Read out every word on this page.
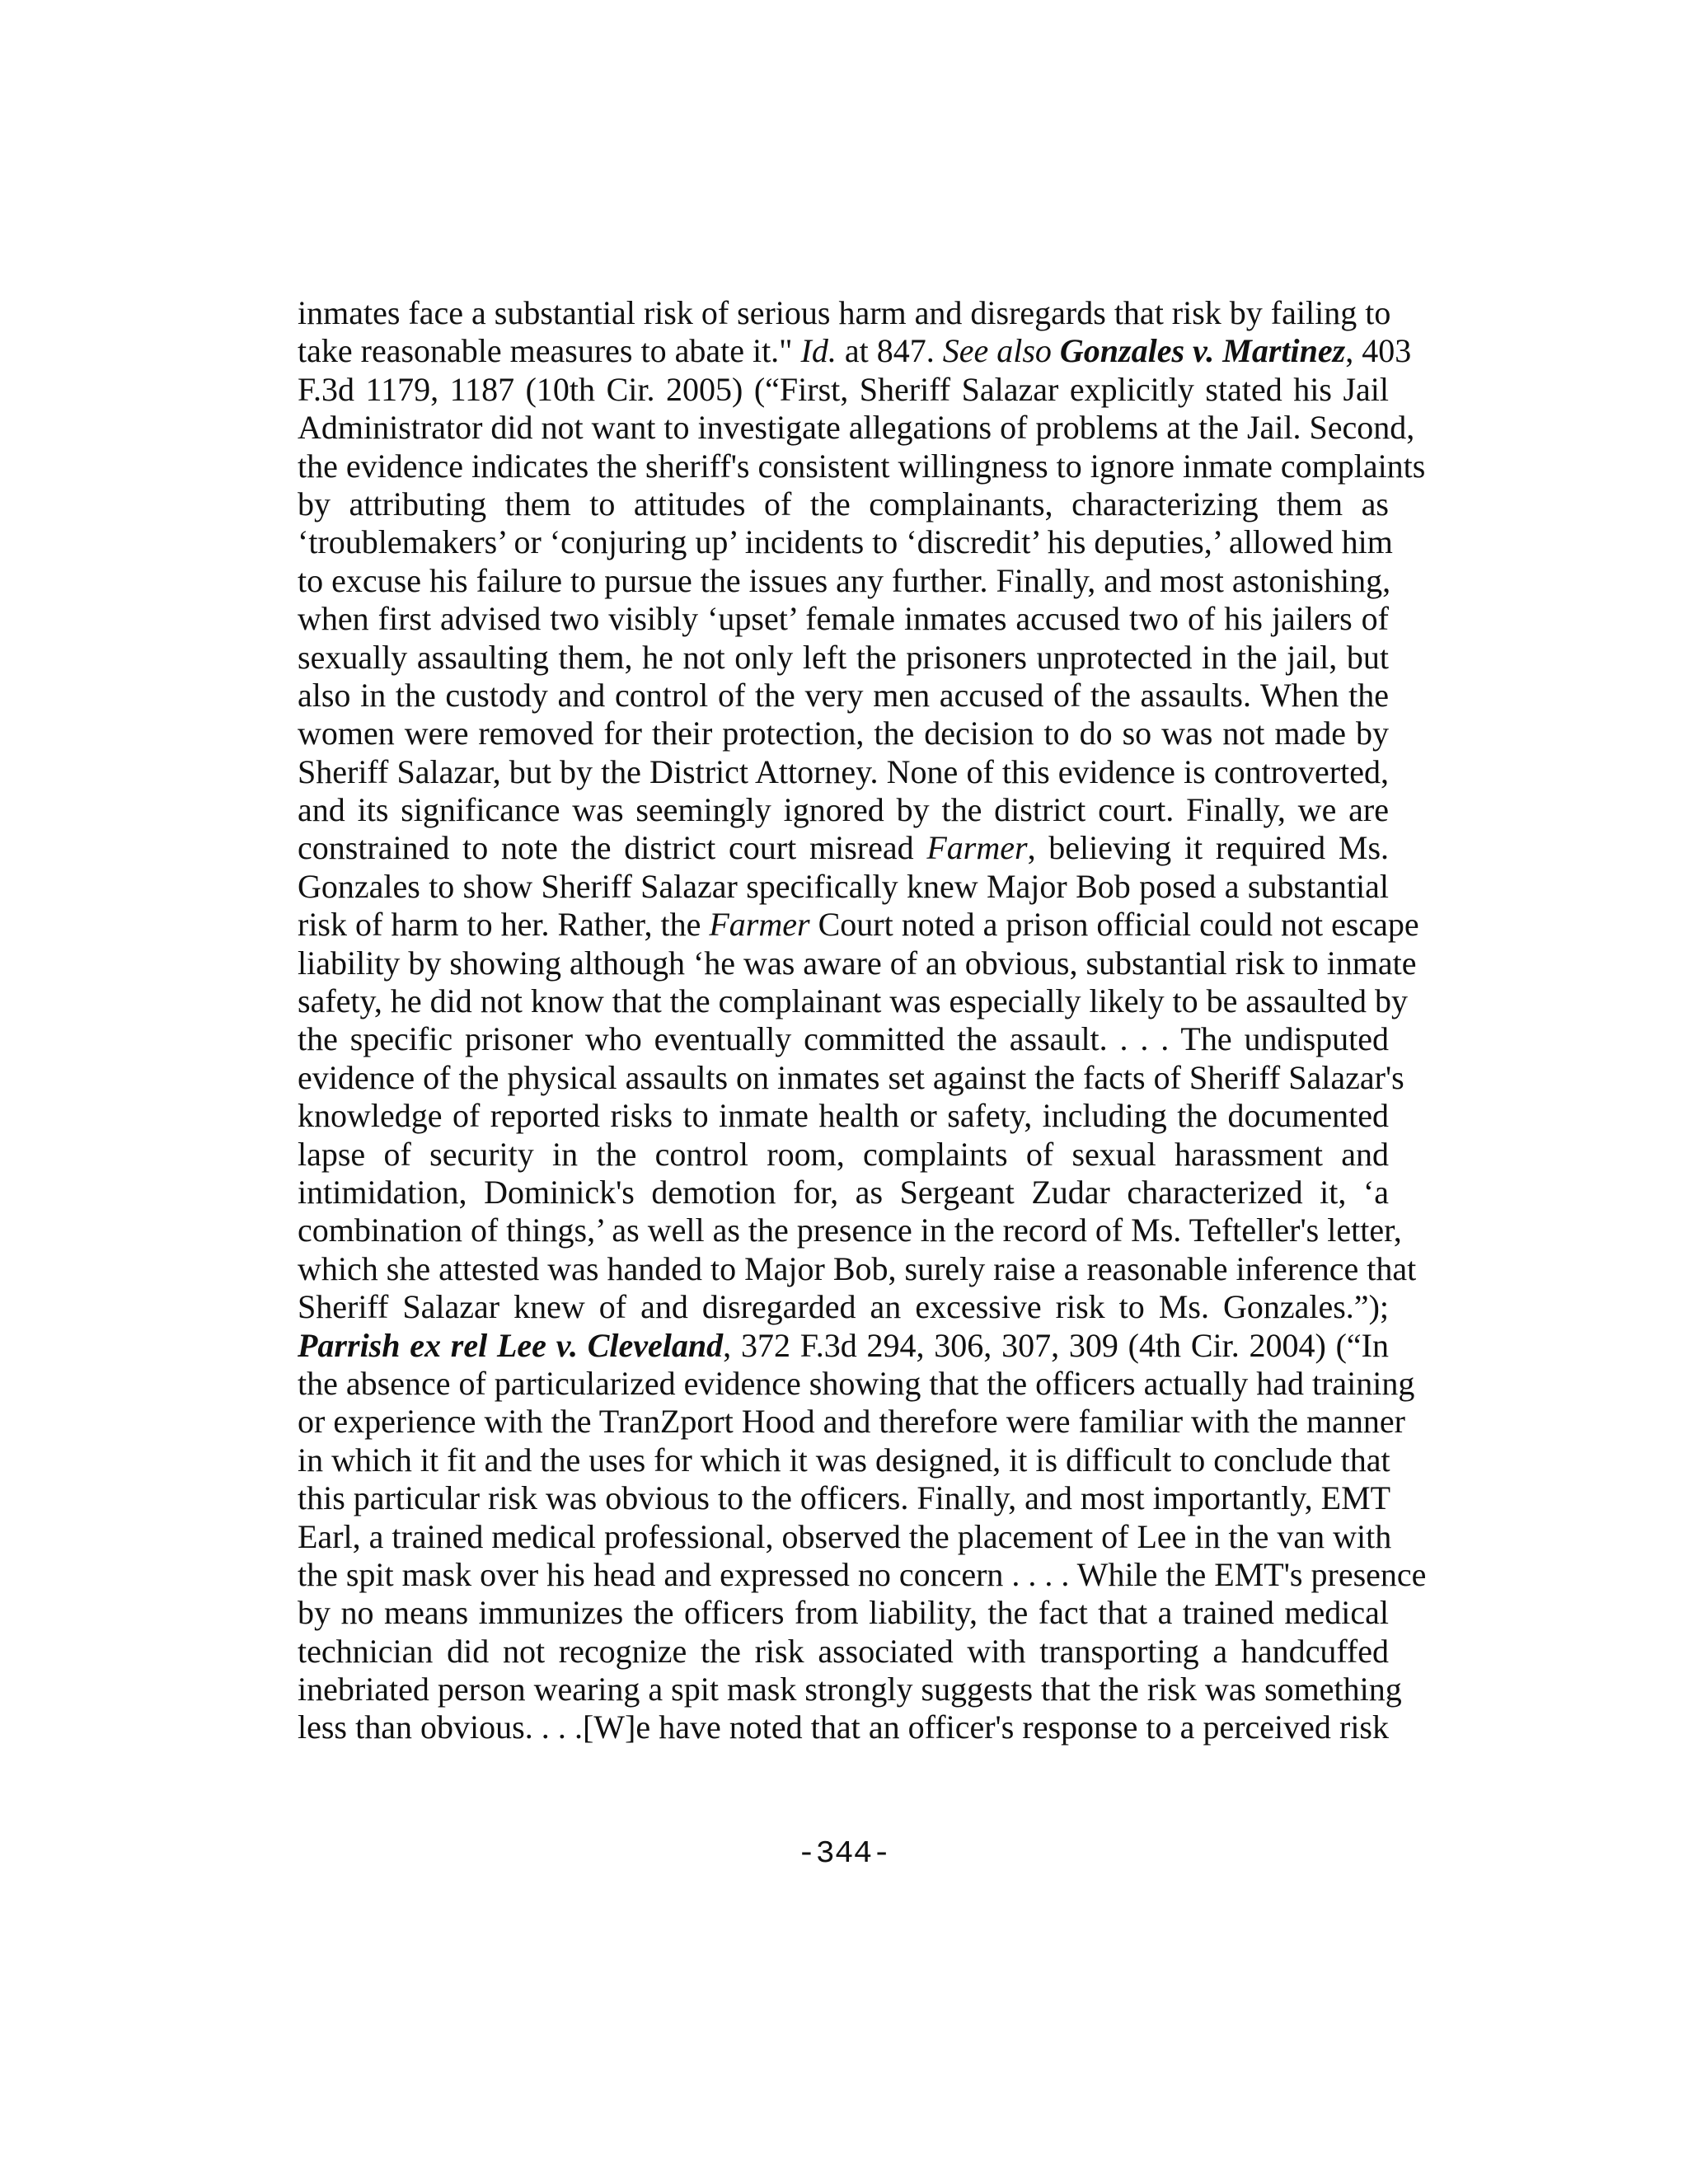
inmates face a substantial risk of serious harm and disregards that risk by failing to
take reasonable measures to abate it." Id. at 847. See also Gonzales v. Martinez, 403
F.3d 1179, 1187 (10th Cir. 2005) (“First, Sheriff Salazar explicitly stated his Jail
Administrator did not want to investigate allegations of problems at the Jail. Second,
the evidence indicates the sheriff's consistent willingness to ignore inmate complaints
by attributing them to attitudes of the complainants, characterizing them as
‘troublemakers’ or ‘conjuring up’ incidents to ‘discredit’ his deputies,’ allowed him
to excuse his failure to pursue the issues any further. Finally, and most astonishing,
when first advised two visibly ‘upset’ female inmates accused two of his jailers of
sexually assaulting them, he not only left the prisoners unprotected in the jail, but
also in the custody and control of the very men accused of the assaults. When the
women were removed for their protection, the decision to do so was not made by
Sheriff Salazar, but by the District Attorney. None of this evidence is controverted,
and its significance was seemingly ignored by the district court. Finally, we are
constrained to note the district court misread Farmer, believing it required Ms.
Gonzales to show Sheriff Salazar specifically knew Major Bob posed a substantial
risk of harm to her. Rather, the Farmer Court noted a prison official could not escape
liability by showing although ‘he was aware of an obvious, substantial risk to inmate
safety, he did not know that the complainant was especially likely to be assaulted by
the specific prisoner who eventually committed the assault. . . . The undisputed
evidence of the physical assaults on inmates set against the facts of Sheriff Salazar's
knowledge of reported risks to inmate health or safety, including the documented
lapse of security in the control room, complaints of sexual harassment and
intimidation, Dominick's demotion for, as Sergeant Zudar characterized it, ‘a
combination of things,’ as well as the presence in the record of Ms. Tefteller's letter,
which she attested was handed to Major Bob, surely raise a reasonable inference that
Sheriff Salazar knew of and disregarded an excessive risk to Ms. Gonzales.”);
Parrish ex rel Lee v. Cleveland, 372 F.3d 294, 306, 307, 309 (4th Cir. 2004) (“In
the absence of particularized evidence showing that the officers actually had training
or experience with the TranZport Hood and therefore were familiar with the manner
in which it fit and the uses for which it was designed, it is difficult to conclude that
this particular risk was obvious to the officers. Finally, and most importantly, EMT
Earl, a trained medical professional, observed the placement of Lee in the van with
the spit mask over his head and expressed no concern . . . . While the EMT's presence
by no means immunizes the officers from liability, the fact that a trained medical
technician did not recognize the risk associated with transporting a handcuffed
inebriated person wearing a spit mask strongly suggests that the risk was something
less than obvious. . . .[W]e have noted that an officer's response to a perceived risk
-344-
